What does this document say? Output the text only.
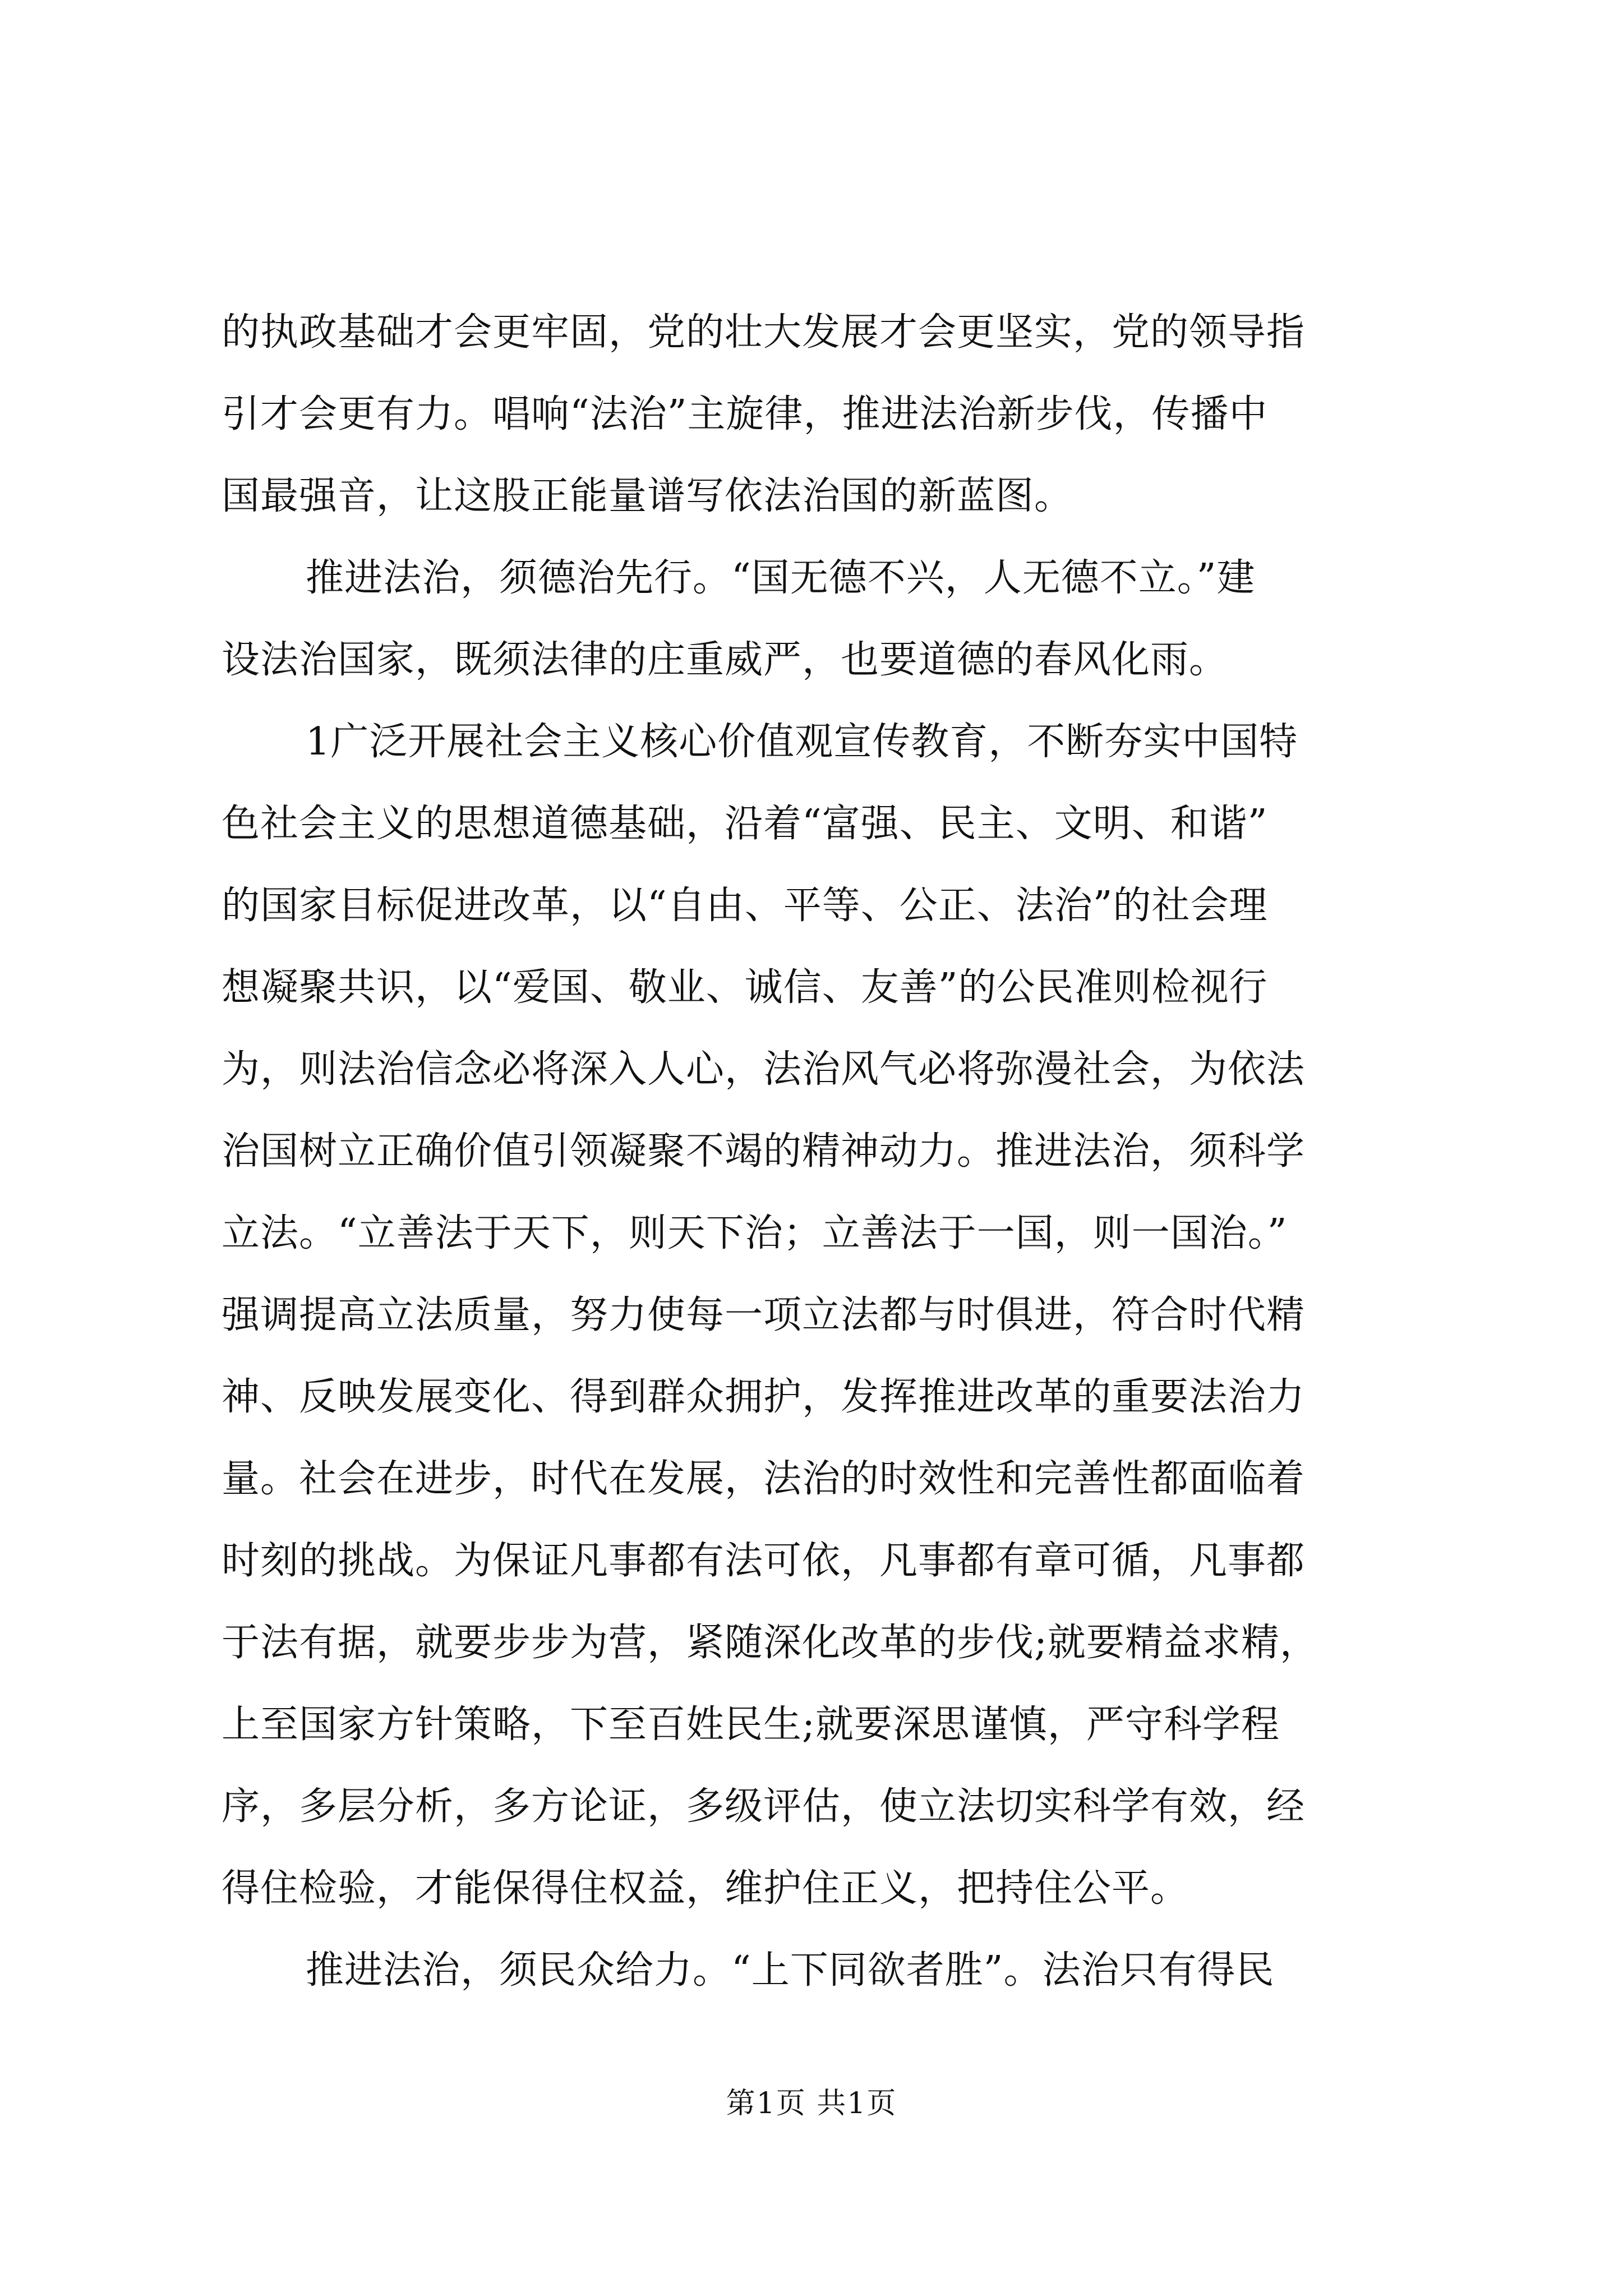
的执政基础才会更牢固，党的壮大发展才会更坚实，党的领导指
引才会更有力。唱响“法治”主旋律，推进法治新步伐，传播中
国最强音，让这股正能量谱写依法治国的新蓝图。
推进法治，须德治先行。“国无德不兴，人无德不立。”建
设法治国家，既须法律的庄重威严，也要道德的春风化雨。
1广泛开展社会主义核心价值观宣传教育，不断夯实中国特
色社会主义的思想道德基础，沿着“富强、民主、文明、和谐”
的国家目标促进改革，以“自由、平等、公正、法治”的社会理
想凝聚共识，以“爱国、敬业、诚信、友善”的公民准则检视行
为，则法治信念必将深入人心，法治风气必将弥漫社会，为依法
治国树立正确价值引领凝聚不竭的精神动力。推进法治，须科学
立法。“立善法于天下，则天下治；立善法于一国，则一国治。”
强调提高立法质量，努力使每一项立法都与时俱进，符合时代精
神、反映发展变化、得到群众拥护，发挥推进改革的重要法治力
量。社会在进步，时代在发展，法治的时效性和完善性都面临着
时刻的挑战。为保证凡事都有法可依，凡事都有章可循，凡事都
于法有据，就要步步为营，紧随深化改革的步伐;就要精益求精，
上至国家方针策略，下至百姓民生;就要深思谨慎，严守科学程
序，多层分析，多方论证，多级评估，使立法切实科学有效，经
得住检验，才能保得住权益，维护住正义，把持住公平。
推进法治，须民众给力。“上下同欲者胜”。法治只有得民
第1页 共1页
